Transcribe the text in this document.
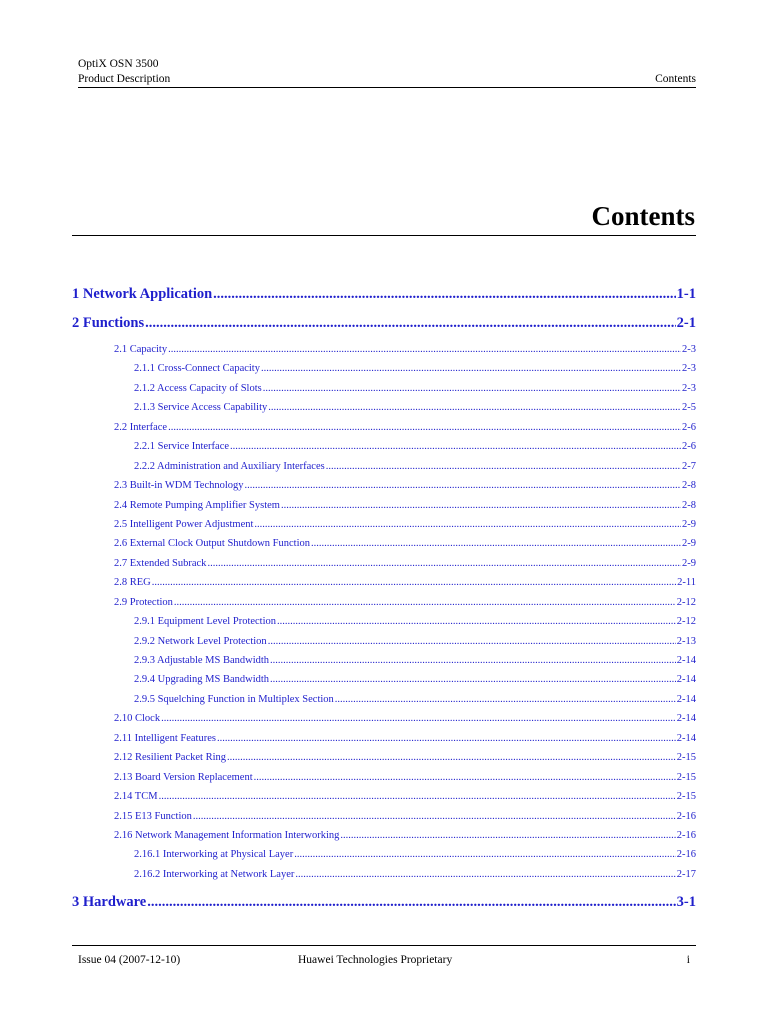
OptiX OSN 3500
Product Description	Contents
Contents
1 Network Application .....	1-1
2 Functions .....	2-1
2.1 Capacity .....	2-3
2.1.1 Cross-Connect Capacity .....	2-3
2.1.2 Access Capacity of Slots .....	2-3
2.1.3 Service Access Capability .....	2-5
2.2 Interface .....	2-6
2.2.1 Service Interface .....	2-6
2.2.2 Administration and Auxiliary Interfaces .....	2-7
2.3 Built-in WDM Technology .....	2-8
2.4 Remote Pumping Amplifier System .....	2-8
2.5 Intelligent Power Adjustment .....	2-9
2.6 External Clock Output Shutdown Function .....	2-9
2.7 Extended Subrack .....	2-9
2.8 REG .....	2-11
2.9 Protection .....	2-12
2.9.1 Equipment Level Protection .....	2-12
2.9.2 Network Level Protection .....	2-13
2.9.3 Adjustable MS Bandwidth .....	2-14
2.9.4 Upgrading MS Bandwidth .....	2-14
2.9.5 Squelching Function in Multiplex Section .....	2-14
2.10 Clock .....	2-14
2.11 Intelligent Features .....	2-14
2.12 Resilient Packet Ring .....	2-15
2.13 Board Version Replacement .....	2-15
2.14 TCM .....	2-15
2.15 E13 Function .....	2-16
2.16 Network Management Information Interworking .....	2-16
2.16.1 Interworking at Physical Layer .....	2-16
2.16.2 Interworking at Network Layer .....	2-17
3 Hardware .....	3-1
Issue 04 (2007-12-10)	Huawei Technologies Proprietary	i
